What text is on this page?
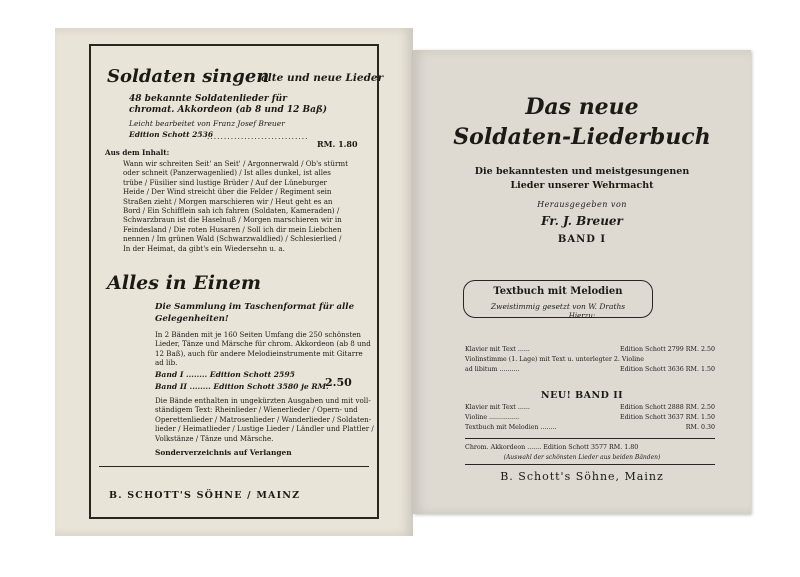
Soldaten singen
alte und neue Lieder
48 bekannte Soldatenlieder für
chromat. Akkordeon (ab 8 und 12 Baß)
Leicht bearbeitet von Franz Josef Breuer
Edition Schott 2536
..............................
RM. 1.80
Aus dem Inhalt:
Wann wir schreiten Seit' an Seit' / Argonnerwald / Ob's stürmt
oder schneit (Panzerwagenlied) / Ist alles dunkel, ist alles
trübe / Füsilier sind lustige Brüder / Auf der Lüneburger
Heide / Der Wind streicht über die Felder / Regiment sein
Straßen zieht / Morgen marschieren wir / Heut geht es an
Bord / Ein Schifflein sah ich fahren (Soldaten, Kameraden) /
Schwarzbraun ist die Haselnuß / Morgen marschieren wir in
Feindesland / Die roten Husaren / Soll ich dir mein Liebchen
nennen / Im grünen Wald (Schwarzwaldlied) / Schlesierlied /
In der Heimat, da gibt's ein Wiedersehn u. a.
Alles in Einem
Die Sammlung im Taschenformat für alle
Gelegenheiten!
In 2 Bänden mit je 160 Seiten Umfang die 250 schönsten
Lieder, Tänze und Märsche für chrom. Akkordeon (ab 8 und
12 Baß), auch für andere Melodieinstrumente mit Gitarre
ad lib.
Band I ........ Edition Schott 2595
Band II ........ Edition Schott 3580 je RM.
2.50
Die Bände enthalten in ungekürzten Ausgaben und mit voll-
ständigem Text: Rheinlieder / Wienerlieder / Opern- und
Operettenlieder / Matrosenlieder / Wanderlieder / Soldaten-
lieder / Heimatlieder / Lustige Lieder / Ländler und Plattler /
Volkstänze / Tänze und Märsche.
Sonderverzeichnis auf Verlangen
B. SCHOTT'S SÖHNE / MAINZ
Das neue
Soldaten-Liederbuch
Die bekanntesten und meistgesungenen
Lieder unserer Wehrmacht
Herausgegeben von
Fr. J. Breuer
BAND I
Textbuch mit Melodien
Zweistimmig gesetzt von W. Draths
Hierzu:
Klavier mit Text ......	Edition Schott 2799 RM. 2.50
Violinstimme (1. Lage) mit Text u. unterlegter 2. Violine
ad libitum ..........	Edition Schott 3636 RM. 1.50
NEU! BAND II
Klavier mit Text ......	Edition Schott 2888 RM. 2.50
Violine ...............	Edition Schott 3637 RM. 1.50
Textbuch mit Melodien ........	RM. 0.30
Chrom. Akkordeon ....... Edition Schott 3577 RM. 1.80
(Auswahl der schönsten Lieder aus beiden Bänden)
B. Schott's Söhne, Mainz
